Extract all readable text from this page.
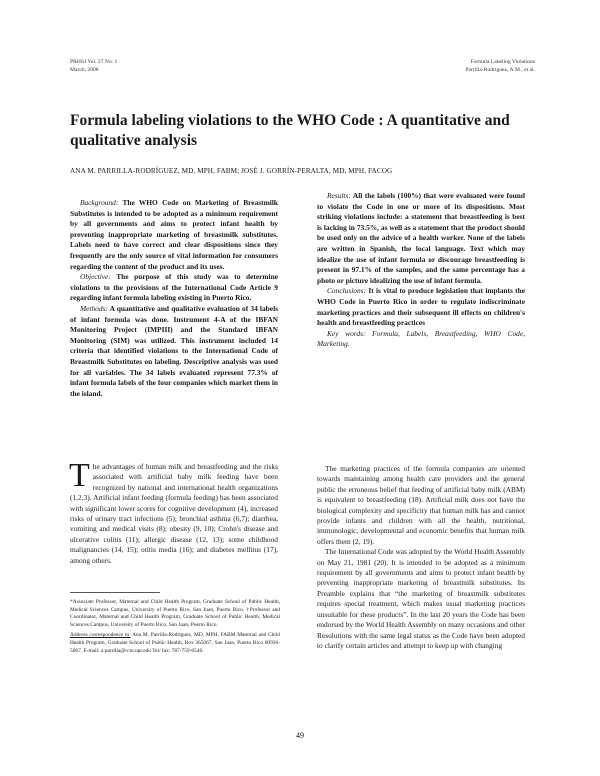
PRHSJ Vol. 27 No. 1
March, 2008
Formula Labeling Violations
Parrilla-Rodríguez, A.M., et al.
Formula labeling violations to the WHO Code : A quantitative and qualitative analysis
ANA M. PARRILLA-RODRÍGUEZ, MD, MPH, FABM; JOSÉ J. GORRÍN-PERALTA, MD, MPH, FACOG

Background: The WHO Code on Marketing of Breastmilk Substitutes is intended to be adopted as a minimum requirement by all governments and aims to protect infant health by preventing inappropriate marketing of breastmilk substitutes. Labels need to have correct and clear dispositions since they frequently are the only source of vital information for consumers regarding the content of the product and its uses.

Objective: The purpose of this study was to determine violations to the provisions of the International Code Article 9 regarding infant formula labeling existing in Puerto Rico.

Methods: A quantitative and qualitative evaluation of 34 labels of infant formula was done. Instrument 4-A of the IBFAN Monitoring Project (IMPIII) and the Standard IBFAN Monitoring (SIM) was utilized. This instrument included 14 criteria that identified violations to the International Code of Breastmilk Substitutes on labeling. Descriptive analysis was used for all variables. The 34 labels evaluated represent 77.3% of infant formula labels of the four companies which market them in the island.

Results: All the labels (100%) that were evaluated were found to violate the Code in one or more of its dispositions. Most striking violations include: a statement that breastfeeding is best is lacking in 73.5%, as well as a statement that the product should be used only on the advice of a health worker. None of the labels are written in Spanish, the local language. Text which may idealize the use of infant formula or discourage breastfeeding is present in 97.1% of the samples, and the same percentage has a photo or picture idealizing the use of infant formula.

Conclusions: It is vital to produce legislation that implants the WHO Code in Puerto Rico in order to regulate indiscriminate marketing practices and their subsequent ill effects on children's health and breastfeeding practices

Key words: Formula, Labels, Breastfeeding, WHO Code, Marketing.

The advantages of human milk and breastfeeding and the risks associated with artificial baby milk feeding have been recognized by national and international health organizations (1,2,3). Artificial infant feeding (formula feeding) has been associated with significant lower scores for cognitive development (4), increased risks of urinary tract infections (5); bronchial asthma (6,7); diarrhea, vomiting and medical visits (8); obesity (9, 10); Crohn's disease and ulcerative colitis (11); allergic disease (12, 13); some childhood malignancies (14, 15); otitis media (16); and diabetes mellitus (17), among others.

*Associate Professor, Maternal and Child Health Program, Graduate School of Public Health, Medical Sciences Campus, University of Puerto Rico, San Juan, Puerto Rico. †Professor and Coordinator, Maternal and Child Health Program, Graduate School of Public Health, Medical Sciences Campus, University of Puerto Rico, San Juan, Puerto Rico.

Address correspondence to: Ana M. Parrilla-Rodríguez, MD, MPH, FABM Maternal and Child Health Program, Graduate School of Public Health, Box 365067, San Juan, Puerto Rico 00936-5067. E-mail: a.parrilla@rcm.upr.edu Tel/ fax: 787-759-6546.

The marketing practices of the formula companies are oriented towards maintaining among health care providers and the general public the erroneous belief that feeding of artificial baby milk (ABM) is equivalent to breastfeeding (18). Artificial milk does not have the biological complexity and specificity that human milk has and cannot provide infants and children with all the health, nutritional, immunologic, developmental and economic benefits that human milk offers them (2, 19).

The International Code was adopted by the World Health Assembly on May 21, 1981 (20). It is intended to be adopted as a minimum requirement by all governments and aims to protect infant health by preventing inappropriate marketing of breastmilk substitutes. Its Preamble explains that “the marketing of breastmilk substitutes requires special treatment, which makes usual marketing practices unsuitable for these products”. In the last 20 years the Code has been endorsed by the World Health Assembly on many occasions and other Resolutions with the same legal status as the Code have been adopted to clarify certain articles and attempt to keep up with changing

49
